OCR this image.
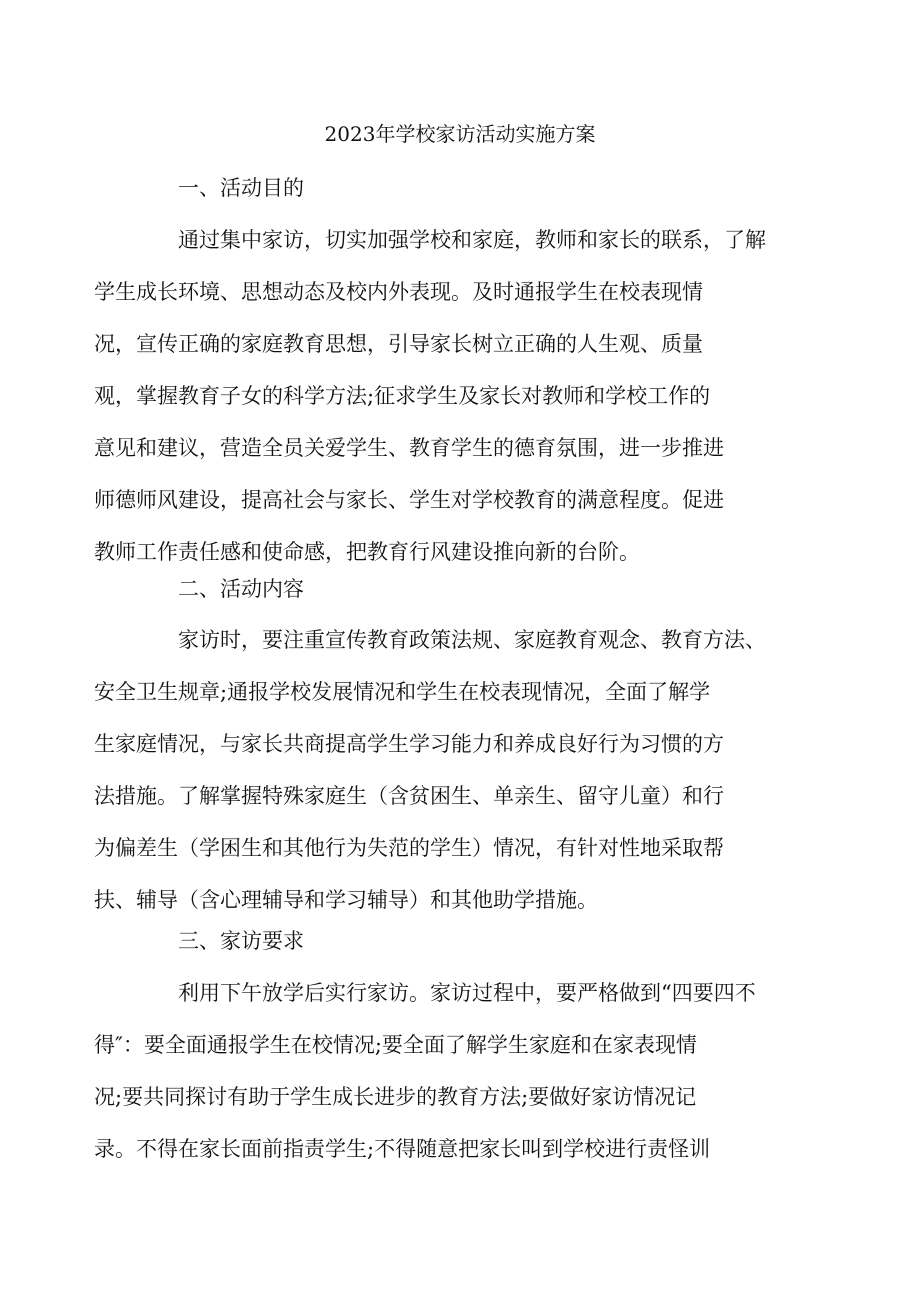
2023年学校家访活动实施方案
一、活动目的

通过集中家访，切实加强学校和家庭，教师和家长的联系，了解
学生成长环境、思想动态及校内外表现。及时通报学生在校表现情
况，宣传正确的家庭教育思想，引导家长树立正确的人生观、质量
观，掌握教育子女的科学方法;征求学生及家长对教师和学校工作的
意见和建议，营造全员关爱学生、教育学生的德育氛围，进一步推进
师德师风建设，提高社会与家长、学生对学校教育的满意程度。促进
教师工作责任感和使命感，把教育行风建设推向新的台阶。

二、活动内容

家访时，要注重宣传教育政策法规、家庭教育观念、教育方法、
安全卫生规章;通报学校发展情况和学生在校表现情况，全面了解学
生家庭情况，与家长共商提高学生学习能力和养成良好行为习惯的方
法措施。了解掌握特殊家庭生（含贫困生、单亲生、留守儿童）和行
为偏差生（学困生和其他行为失范的学生）情况，有针对性地采取帮
扶、辅导（含心理辅导和学习辅导）和其他助学措施。

三、家访要求

利用下午放学后实行家访。家访过程中，要严格做到“四要四不
得″：要全面通报学生在校情况;要全面了解学生家庭和在家表现情
况;要共同探讨有助于学生成长进步的教育方法;要做好家访情况记
录。不得在家长面前指责学生;不得随意把家长叫到学校进行责怪训
